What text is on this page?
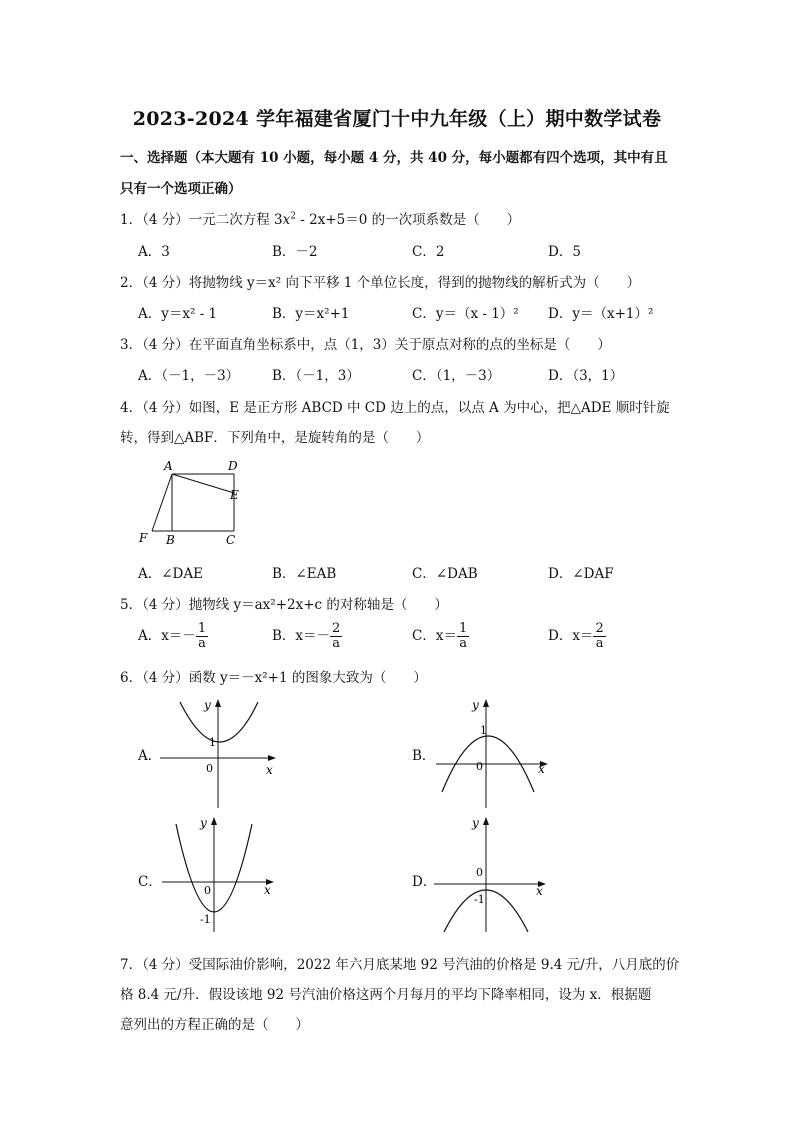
2023-2024 学年福建省厦门十中九年级（上）期中数学试卷
一、选择题（本大题有 10 小题，每小题 4 分，共 40 分，每小题都有四个选项，其中有且
只有一个选项正确）
1．（4 分）一元二次方程 $3x^2 - 2x+5=0$ 的一次项系数是（　　）
A．3	B．－2	C．2	D．5
2．（4 分）将抛物线 y＝x² 向下平移 1 个单位长度，得到的抛物线的解析式为（　　）
A．y＝x² - 1	B．y＝x²+1	C．y＝（x - 1）² D．y＝（x+1）²
3．（4 分）在平面直角坐标系中，点（1，3）关于原点对称的点的坐标是（　　）
A．（－1，－3） B．（－1，3）	C．（1，－3）	D．（3，1）
4．（4 分）如图，E 是正方形 ABCD 中 CD 边上的点，以点 A 为中心，把△ADE 顺时针旋
转，得到△ABF．下列角中，是旋转角的是（　　）
A	D
E
F B	C
A．∠DAE	B．∠EAB	C．∠DAB	D．∠DAF
5．（4 分）抛物线 y＝ax²+2x+c 的对称轴是（　　）
A．$x=- \frac{1}{a}$	B．$x=- \frac{2}{a}$	C．$x= \frac{1}{a}$	D．$x= \frac{2}{a}$
6．（4 分）函数 y＝－x²+1 的图象大致为（　　）
A．
y
x
0
1
B．
y
x
0
1
C．
y
x
0
-1
D．
y
x
0
-1
7．（4 分）受国际油价影响，2022 年六月底某地 92 号汽油的价格是 9.4 元/升，八月底的价
格 8.4 元/升．假设该地 92 号汽油价格这两个月每月的平均下降率相同，设为 x．根据题
意列出的方程正确的是（　　）
